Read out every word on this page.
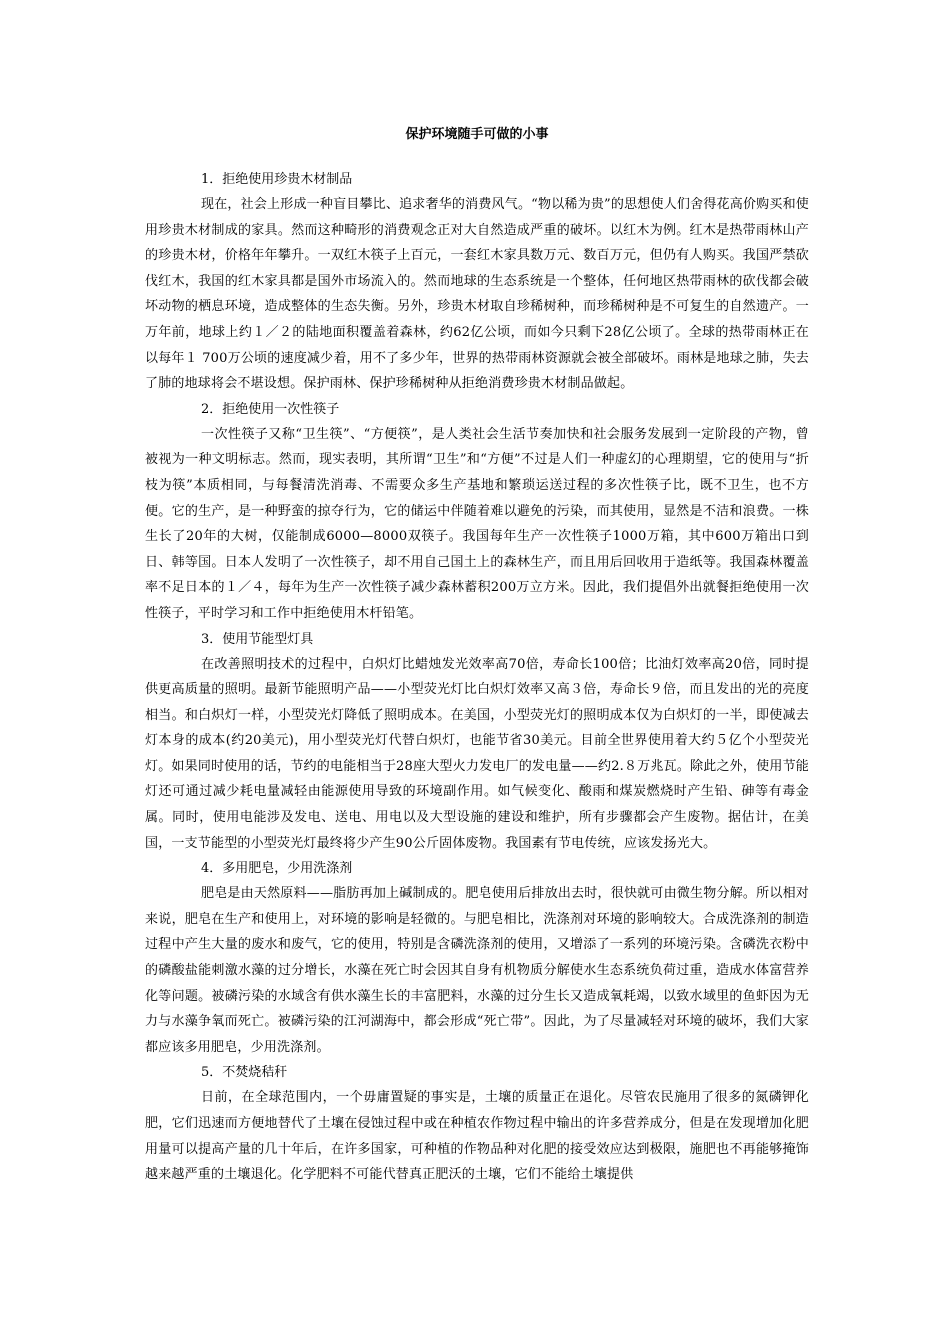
保护环境随手可做的小事

1．拒绝使用珍贵木材制品

现在，社会上形成一种盲目攀比、追求奢华的消费风气。“物以稀为贵”的思想使人们舍得花高价购买和使用珍贵木材制成的家具。然而这种畸形的消费观念正对大自然造成严重的破坏。以红木为例。红木是热带雨林山产的珍贵木材，价格年年攀升。一双红木筷子上百元，一套红木家具数万元、数百万元，但仍有人购买。我国严禁砍伐红木，我国的红木家具都是国外市场流入的。然而地球的生态系统是一个整体，任何地区热带雨林的砍伐都会破坏动物的栖息环境，造成整体的生态失衡。另外，珍贵木材取自珍稀树种，而珍稀树种是不可复生的自然遗产。一万年前，地球上约１／２的陆地面积覆盖着森林，约62亿公顷，而如今只剩下28亿公顷了。全球的热带雨林正在以每年１ 700万公顷的速度减少着，用不了多少年，世界的热带雨林资源就会被全部破坏。雨林是地球之肺，失去了肺的地球将会不堪设想。保护雨林、保护珍稀树种从拒绝消费珍贵木材制品做起。

2．拒绝使用一次性筷子

一次性筷子又称“卫生筷”、“方便筷”，是人类社会生活节奏加快和社会服务发展到一定阶段的产物，曾被视为一种文明标志。然而，现实表明，其所谓“卫生”和“方便”不过是人们一种虚幻的心理期望，它的使用与“折枝为筷”本质相同，与每餐清洗消毒、不需要众多生产基地和繁琐运送过程的多次性筷子比，既不卫生，也不方便。它的生产，是一种野蛮的掠夺行为，它的储运中伴随着难以避免的污染，而其使用，显然是不洁和浪费。一株生长了20年的大树，仅能制成6000—8000双筷子。我国每年生产一次性筷子1000万箱，其中600万箱出口到日、韩等国。日本人发明了一次性筷子，却不用自己国土上的森林生产，而且用后回收用于造纸等。我国森林覆盖率不足日本的１／４，每年为生产一次性筷子减少森林蓄积200万立方米。因此，我们提倡外出就餐拒绝使用一次性筷子，平时学习和工作中拒绝使用木杆铅笔。

3．使用节能型灯具

在改善照明技术的过程中，白炽灯比蜡烛发光效率高70倍，寿命长100倍；比油灯效率高20倍，同时提供更高质量的照明。最新节能照明产品——小型荧光灯比白炽灯效率又高３倍，寿命长９倍，而且发出的光的亮度相当。和白炽灯一样，小型荧光灯降低了照明成本。在美国，小型荧光灯的照明成本仅为白炽灯的一半，即使减去灯本身的成本(约20美元)，用小型荧光灯代替白炽灯，也能节省30美元。目前全世界使用着大约５亿个小型荧光灯。如果同时使用的话，节约的电能相当于28座大型火力发电厂的发电量——约2.８万兆瓦。除此之外，使用节能灯还可通过减少耗电量减轻由能源使用导致的环境副作用。如气候变化、酸雨和煤炭燃烧时产生铅、砷等有毒金属。同时，使用电能涉及发电、送电、用电以及大型设施的建设和维护，所有步骤都会产生废物。据估计，在美国，一支节能型的小型荧光灯最终将少产生90公斤固体废物。我国素有节电传统，应该发扬光大。

4．多用肥皂，少用洗涤剂

肥皂是由天然原料——脂肪再加上碱制成的。肥皂使用后排放出去时，很快就可由微生物分解。所以相对来说，肥皂在生产和使用上，对环境的影响是轻微的。与肥皂相比，洗涤剂对环境的影响较大。合成洗涤剂的制造过程中产生大量的废水和废气，它的使用，特别是含磷洗涤剂的使用，又增添了一系列的环境污染。含磷洗衣粉中的磷酸盐能刺激水藻的过分增长，水藻在死亡时会因其自身有机物质分解使水生态系统负荷过重，造成水体富营养化等问题。被磷污染的水域含有供水藻生长的丰富肥料，水藻的过分生长又造成氧耗竭，以致水域里的鱼虾因为无力与水藻争氧而死亡。被磷污染的江河湖海中，都会形成“死亡带”。因此，为了尽量减轻对环境的破坏，我们大家都应该多用肥皂，少用洗涤剂。

5．不焚烧秸秆

日前，在全球范围内，一个毋庸置疑的事实是，土壤的质量正在退化。尽管农民施用了很多的氮磷钾化肥，它们迅速而方便地替代了土壤在侵蚀过程中或在种植农作物过程中输出的许多营养成分，但是在发现增加化肥用量可以提高产量的几十年后，在许多国家，可种植的作物品种对化肥的接受效应达到极限，施肥也不再能够掩饰越来越严重的土壤退化。化学肥料不可能代替真正肥沃的土壤，它们不能给土壤提供
